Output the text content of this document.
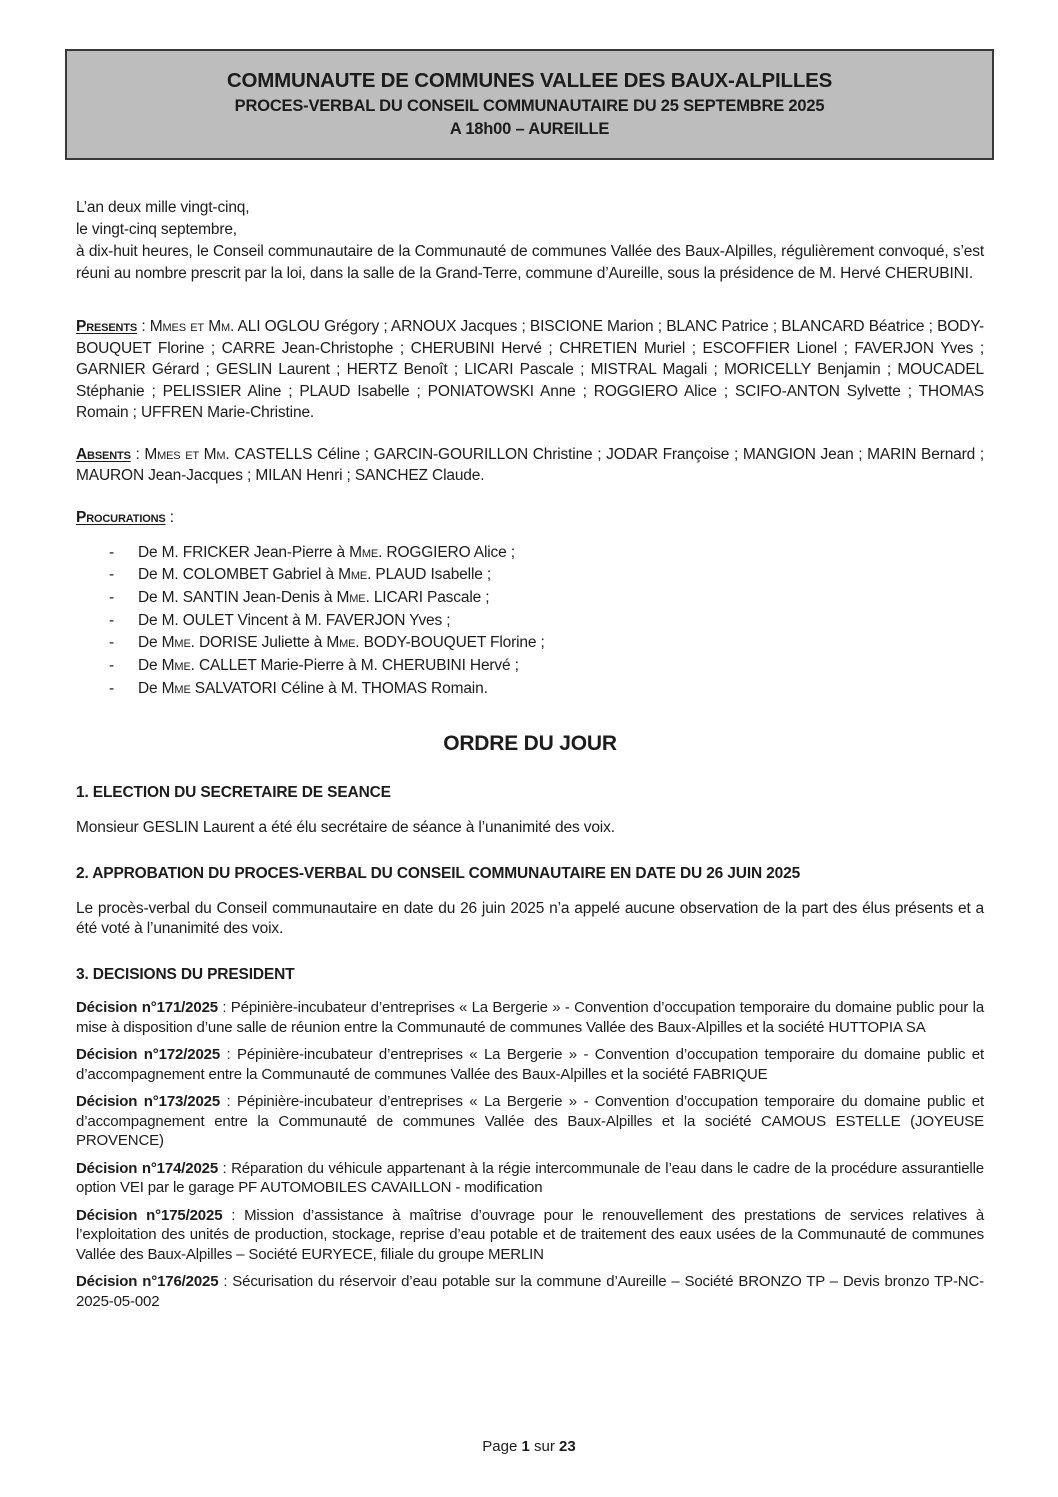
COMMUNAUTE DE COMMUNES VALLEE DES BAUX-ALPILLES
PROCES-VERBAL DU CONSEIL COMMUNAUTAIRE DU 25 SEPTEMBRE 2025
A 18h00 – AUREILLE
L’an deux mille vingt-cinq,
le vingt-cinq septembre,
à dix-huit heures, le Conseil communautaire de la Communauté de communes Vallée des Baux-Alpilles, régulièrement convoqué, s’est réuni au nombre prescrit par la loi, dans la salle de la Grand-Terre, commune d’Aureille, sous la présidence de M. Hervé CHERUBINI.

Presents : Mmes et Mm. ALI OGLOU Grégory ; ARNOUX Jacques ; BISCIONE Marion ; BLANC Patrice ; BLANCARD Béatrice ; BODY-BOUQUET Florine ; CARRE Jean-Christophe ; CHERUBINI Hervé ; CHRETIEN Muriel ; ESCOFFIER Lionel ; FAVERJON Yves ; GARNIER Gérard ; GESLIN Laurent ; HERTZ Benoît ; LICARI Pascale ; MISTRAL Magali ; MORICELLY Benjamin ; MOUCADEL Stéphanie ; PELISSIER Aline ; PLAUD Isabelle ; PONIATOWSKI Anne ; ROGGIERO Alice ; SCIFO-ANTON Sylvette ; THOMAS Romain ; UFFREN Marie-Christine.

Absents : Mmes et Mm. CASTELLS Céline ; GARCIN-GOURILLON Christine ; JODAR Françoise ; MANGION Jean ; MARIN Bernard ; MAURON Jean-Jacques ; MILAN Henri ; SANCHEZ Claude.

Procurations :

- De M. FRICKER Jean-Pierre à Mme. ROGGIERO Alice ;
- De M. COLOMBET Gabriel à Mme. PLAUD Isabelle ;
- De M. SANTIN Jean-Denis à Mme. LICARI Pascale ;
- De M. OULET Vincent à M. FAVERJON Yves ;
- De Mme. DORISE Juliette à Mme. BODY-BOUQUET Florine ;
- De Mme. CALLET Marie-Pierre à M. CHERUBINI Hervé ;
- De Mme SALVATORI Céline à M. THOMAS Romain.
ORDRE DU JOUR
1. ELECTION DU SECRETAIRE DE SEANCE

Monsieur GESLIN Laurent a été élu secrétaire de séance à l’unanimité des voix.

2. APPROBATION DU PROCES-VERBAL DU CONSEIL COMMUNAUTAIRE EN DATE DU 26 JUIN 2025

Le procès-verbal du Conseil communautaire en date du 26 juin 2025 n’a appelé aucune observation de la part des élus présents et a été voté à l’unanimité des voix.

3. DECISIONS DU PRESIDENT

Décision n°171/2025 : Pépinière-incubateur d’entreprises « La Bergerie » - Convention d’occupation temporaire du domaine public pour la mise à disposition d’une salle de réunion entre la Communauté de communes Vallée des Baux-Alpilles et la société HUTTOPIA SA

Décision n°172/2025 : Pépinière-incubateur d’entreprises « La Bergerie » - Convention d’occupation temporaire du domaine public et d’accompagnement entre la Communauté de communes Vallée des Baux-Alpilles et la société FABRIQUE

Décision n°173/2025 : Pépinière-incubateur d’entreprises « La Bergerie » - Convention d’occupation temporaire du domaine public et d’accompagnement entre la Communauté de communes Vallée des Baux-Alpilles et la société CAMOUS ESTELLE (JOYEUSE PROVENCE)

Décision n°174/2025 : Réparation du véhicule appartenant à la régie intercommunale de l’eau dans le cadre de la procédure assurantielle option VEI par le garage PF AUTOMOBILES CAVAILLON - modification

Décision n°175/2025 : Mission d’assistance à maîtrise d’ouvrage pour le renouvellement des prestations de services relatives à l’exploitation des unités de production, stockage, reprise d’eau potable et de traitement des eaux usées de la Communauté de communes Vallée des Baux-Alpilles – Société EURYECE, filiale du groupe MERLIN

Décision n°176/2025 : Sécurisation du réservoir d’eau potable sur la commune d’Aureille – Société BRONZO TP – Devis bronzo TP-NC-2025-05-002

Page 1 sur 23
